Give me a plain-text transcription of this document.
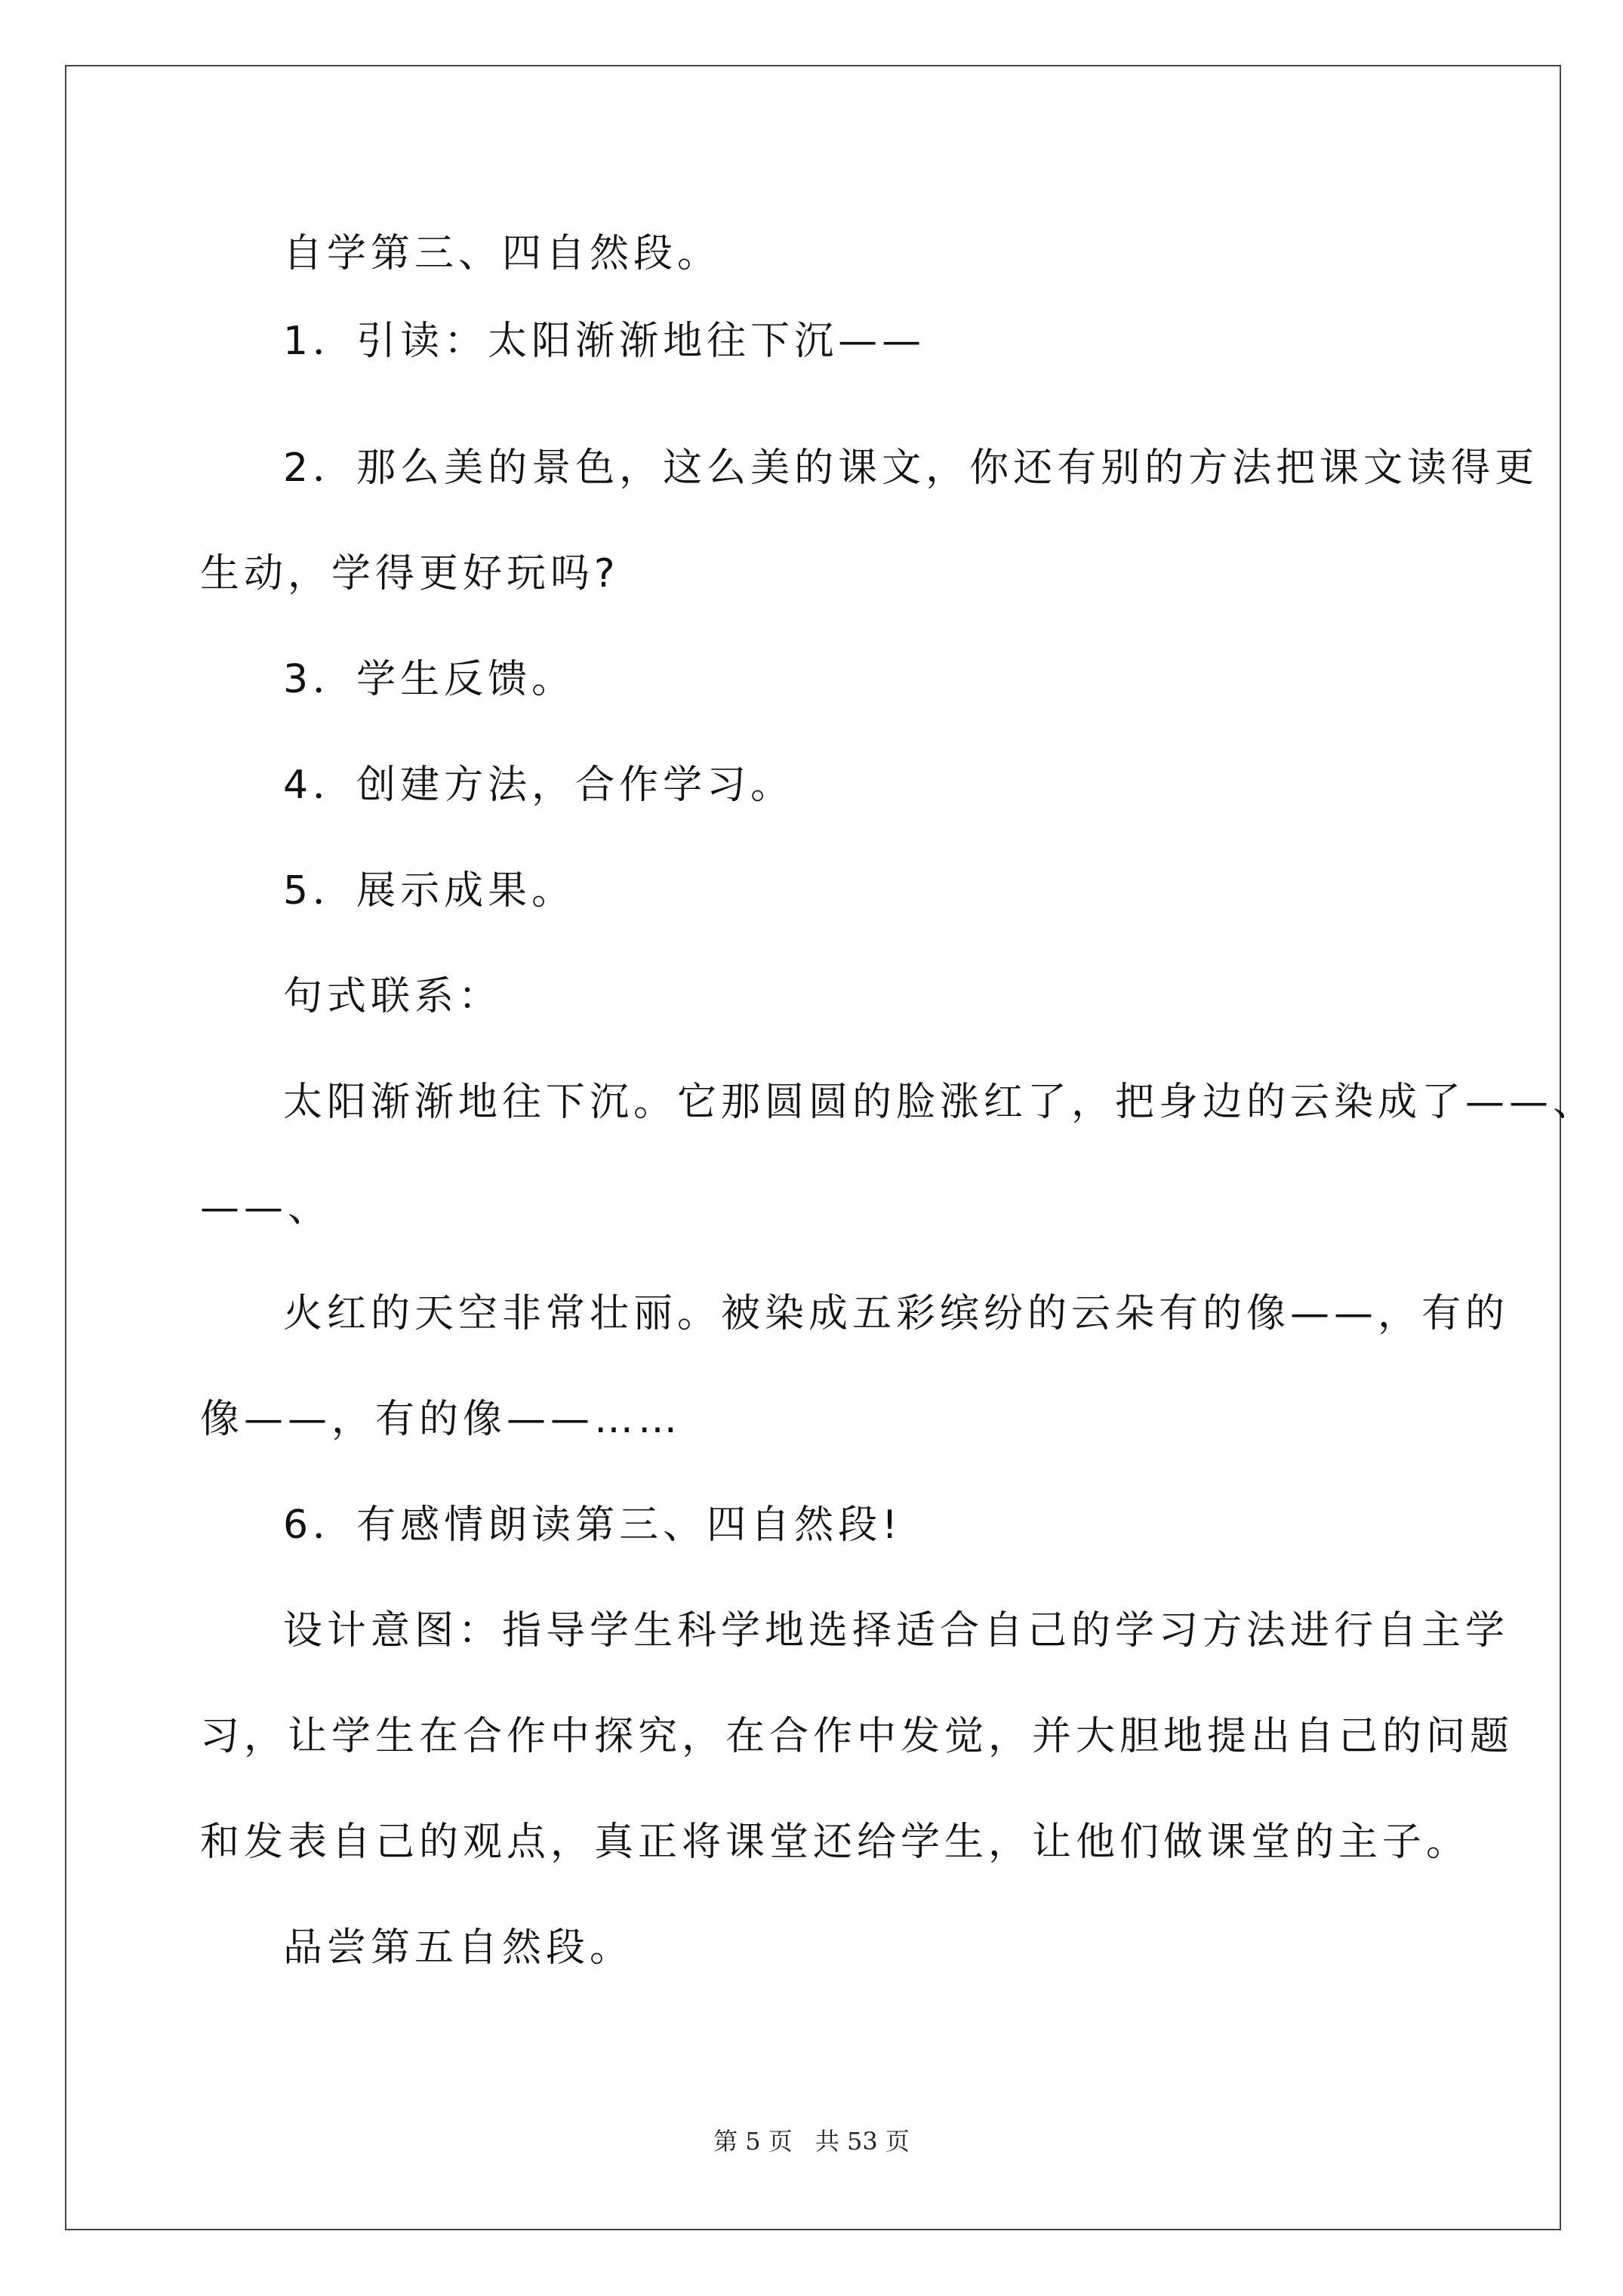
自学第三、四自然段。
1．引读：太阳渐渐地往下沉——
2．那么美的景色，这么美的课文，你还有别的方法把课文读得更
生动，学得更好玩吗?
3．学生反馈。
4．创建方法，合作学习。
5．展示成果。
句式联系：
太阳渐渐地往下沉。它那圆圆的脸涨红了，把身边的云染成了——、
——、
火红的天空非常壮丽。被染成五彩缤纷的云朵有的像——，有的
像——，有的像——……
6．有感情朗读第三、四自然段!
设计意图：指导学生科学地选择适合自己的学习方法进行自主学
习，让学生在合作中探究，在合作中发觉，并大胆地提出自己的问题
和发表自己的观点，真正将课堂还给学生，让他们做课堂的主子。
品尝第五自然段。
第 5 页 共 53 页
